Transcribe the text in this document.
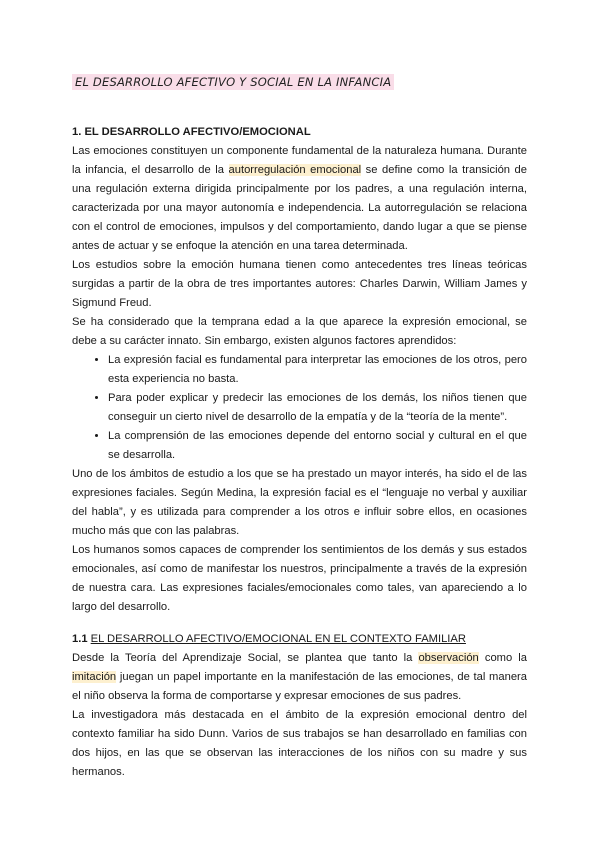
EL DESARROLLO AFECTIVO Y SOCIAL EN LA INFANCIA
1. EL DESARROLLO AFECTIVO/EMOCIONAL

Las emociones constituyen un componente fundamental de la naturaleza humana. Durante la infancia, el desarrollo de la autorregulación emocional se define como la transición de una regulación externa dirigida principalmente por los padres, a una regulación interna, caracterizada por una mayor autonomía e independencia. La autorregulación se relaciona con el control de emociones, impulsos y del comportamiento, dando lugar a que se piense antes de actuar y se enfoque la atención en una tarea determinada.

Los estudios sobre la emoción humana tienen como antecedentes tres líneas teóricas surgidas a partir de la obra de tres importantes autores: Charles Darwin, William James y Sigmund Freud.

Se ha considerado que la temprana edad a la que aparece la expresión emocional, se debe a su carácter innato. Sin embargo, existen algunos factores aprendidos:

• La expresión facial es fundamental para interpretar las emociones de los otros, pero esta experiencia no basta.
• Para poder explicar y predecir las emociones de los demás, los niños tienen que conseguir un cierto nivel de desarrollo de la empatía y de la “teoría de la mente”.
• La comprensión de las emociones depende del entorno social y cultural en el que se desarrolla.

Uno de los ámbitos de estudio a los que se ha prestado un mayor interés, ha sido el de las expresiones faciales. Según Medina, la expresión facial es el “lenguaje no verbal y auxiliar del habla”, y es utilizada para comprender a los otros e influir sobre ellos, en ocasiones mucho más que con las palabras.

Los humanos somos capaces de comprender los sentimientos de los demás y sus estados emocionales, así como de manifestar los nuestros, principalmente a través de la expresión de nuestra cara. Las expresiones faciales/emocionales como tales, van apareciendo a lo largo del desarrollo.

1.1 EL DESARROLLO AFECTIVO/EMOCIONAL EN EL CONTEXTO FAMILIAR

Desde la Teoría del Aprendizaje Social, se plantea que tanto la observación como la imitación juegan un papel importante en la manifestación de las emociones, de tal manera el niño observa la forma de comportarse y expresar emociones de sus padres.

La investigadora más destacada en el ámbito de la expresión emocional dentro del contexto familiar ha sido Dunn. Varios de sus trabajos se han desarrollado en familias con dos hijos, en las que se observan las interacciones de los niños con su madre y sus hermanos.
